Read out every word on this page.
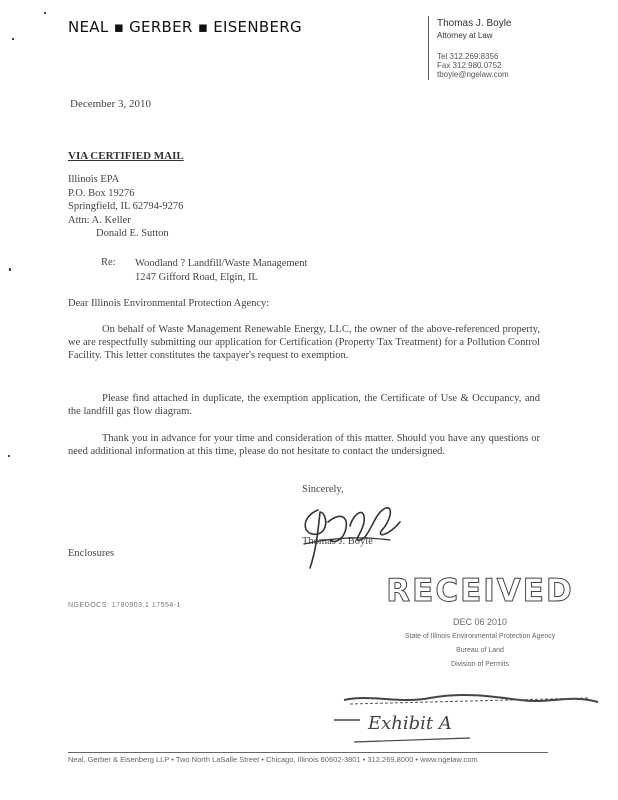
NEAL ▪ GERBER ▪ EISENBERG	Thomas J. Boyle
Attorney at Law
Tel 312.269.8356
Fax 312.980.0752
tboyle@ngelaw.com
December 3, 2010
VIA CERTIFIED MAIL
Illinois EPA
P.O. Box 19276
Springfield, IL 62794-9276
Attn: A. Keller
Donald E. Sutton
Re: Woodland ? Landfill/Waste Management
1247 Gifford Road, Elgin, IL
Dear Illinois Environmental Protection Agency:
On behalf of Waste Management Renewable Energy, LLC, the owner of the above-referenced property, we are respectfully submitting our application for Certification (Property Tax Treatment) for a Pollution Control Facility. This letter constitutes the taxpayer's request to exemption.
Please find attached in duplicate, the exemption application, the Certificate of Use & Occupancy, and the landfill gas flow diagram.
Thank you in advance for your time and consideration of this matter. Should you have any questions or need additional information at this time, please do not hesitate to contact the undersigned.
Sincerely,
Thomas J. Boyle
Enclosures
NGEDOCS: 1780903.1 17554-1	RECEIVED
DEC 06 2010
State of Illinois Environmental Protection Agency
Bureau of Land
Division of Permits
Exhibit A
Neal, Gerber & Eisenberg LLP • Two North LaSalle Street • Chicago, Illinois 60602-3801 • 312.269.8000 • www.ngelaw.com
